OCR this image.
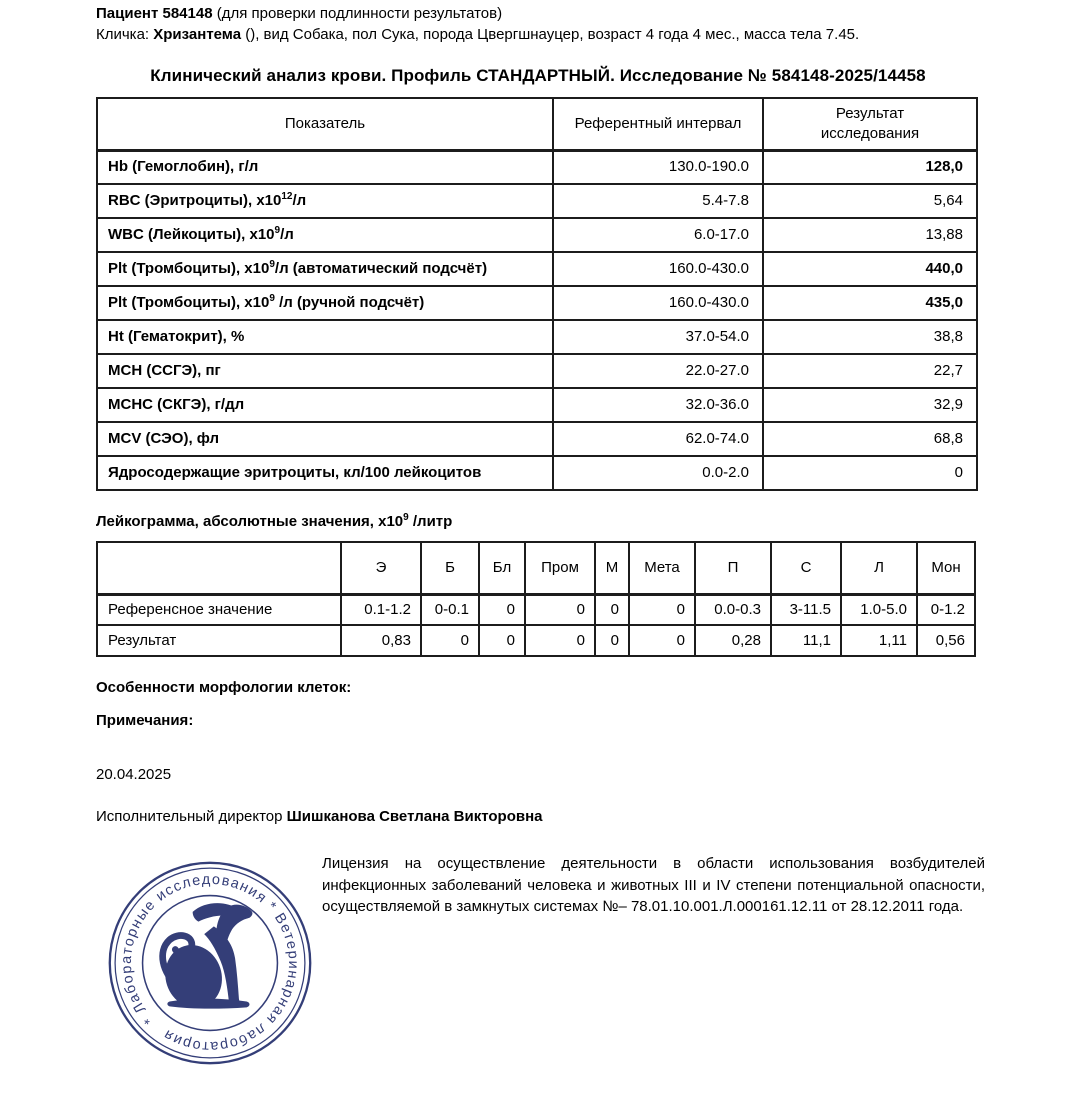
Пациент 584148 (для проверки подлинности результатов)
Кличка: Хризантема (), вид Собака, пол Сука, порода Цвергшнауцер, возраст 4 года 4 мес., масса тела 7.45.
Клинический анализ крови. Профиль СТАНДАРТНЫЙ. Исследование № 584148-2025/14458
Показатель	Референтный интервал	Результат исследования
Hb (Гемоглобин), г/л	130.0-190.0	128,0
RBC (Эритроциты), $x10^{12}/л$	5.4-7.8	5,64
WBC (Лейкоциты), $x10^9/л$	6.0-17.0	13,88
Plt (Тромбоциты), $x10^9/л$ (автоматический подсчёт)	160.0-430.0	440,0
Plt (Тромбоциты), $x10^9$ /л (ручной подсчёт)	160.0-430.0	435,0
Ht (Гематокрит), %	37.0-54.0	38,8
MCH (ССГЭ), пг	22.0-27.0	22,7
MCHC (СКГЭ), г/дл	32.0-36.0	32,9
MCV (СЭО), фл	62.0-74.0	68,8
Ядросодержащие эритроциты, кл/100 лейкоцитов	0.0-2.0	0
Лейкограмма, абсолютные значения, $x10^9$ /литр
	Э	Б	Бл	Пром	М	Мета	П	С	Л	Мон
Референсное значение	0.1-1.2	0-0.1	0	0	0	0	0.0-0.3	3-11.5	1.0-5.0	0-1.2
Результат	0,83	0	0	0	0	0	0,28	11,1	1,11	0,56
Особенности морфологии клеток:
Примечания:
20.04.2025
Исполнительный директор Шишканова Светлана Викторовна
* Лабораторные исследования * Ветеринарная лаборатория
Лицензия на осуществление деятельности в области использования возбудителей инфекционных заболеваний человека и животных III и IV степени потенциальной опасности, осуществляемой в замкнутых системах №– 78.01.10.001.Л.000161.12.11 от 28.12.2011 года.
